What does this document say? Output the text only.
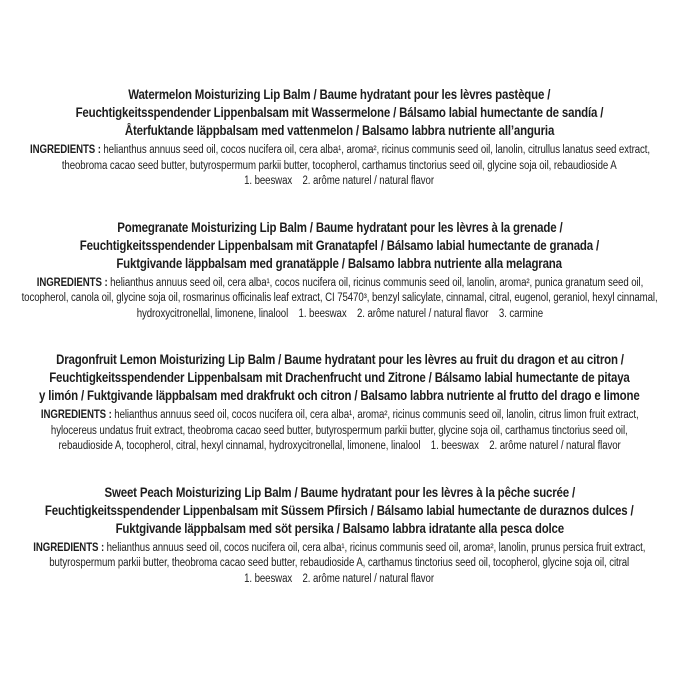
Watermelon Moisturizing Lip Balm / Baume hydratant pour les lèvres pastèque /
Feuchtigkeitsspendender Lippenbalsam mit Wassermelone / Bálsamo labial humectante de sandía /
Återfuktande läppbalsam med vattenmelon / Balsamo labbra nutriente all’anguria
INGREDIENTS : helianthus annuus seed oil, cocos nucifera oil, cera alba¹, aroma², ricinus communis seed oil, lanolin, citrullus lanatus seed extract,
theobroma cacao seed butter, butyrospermum parkii butter, tocopherol, carthamus tinctorius seed oil, glycine soja oil, rebaudioside A
1. beeswax    2. arôme naturel / natural flavor
Pomegranate Moisturizing Lip Balm / Baume hydratant pour les lèvres à la grenade /
Feuchtigkeitsspendender Lippenbalsam mit Granatapfel / Bálsamo labial humectante de granada /
Fuktgivande läppbalsam med granatäpple / Balsamo labbra nutriente alla melagrana
INGREDIENTS : helianthus annuus seed oil, cera alba¹, cocos nucifera oil, ricinus communis seed oil, lanolin, aroma², punica granatum seed oil,
tocopherol, canola oil, glycine soja oil, rosmarinus officinalis leaf extract, CI 75470³, benzyl salicylate, cinnamal, citral, eugenol, geraniol, hexyl cinnamal,
hydroxycitronellal, limonene, linalool    1. beeswax    2. arôme naturel / natural flavor    3. carmine
Dragonfruit Lemon Moisturizing Lip Balm / Baume hydratant pour les lèvres au fruit du dragon et au citron /
Feuchtigkeitsspendender Lippenbalsam mit Drachenfrucht und Zitrone / Bálsamo labial humectante de pitaya
y limón / Fuktgivande läppbalsam med drakfrukt och citron / Balsamo labbra nutriente al frutto del drago e limone
INGREDIENTS : helianthus annuus seed oil, cocos nucifera oil, cera alba¹, aroma², ricinus communis seed oil, lanolin, citrus limon fruit extract,
hylocereus undatus fruit extract, theobroma cacao seed butter, butyrospermum parkii butter, glycine soja oil, carthamus tinctorius seed oil,
rebaudioside A, tocopherol, citral, hexyl cinnamal, hydroxycitronellal, limonene, linalool    1. beeswax    2. arôme naturel / natural flavor
Sweet Peach Moisturizing Lip Balm / Baume hydratant pour les lèvres à la pêche sucrée /
Feuchtigkeitsspendender Lippenbalsam mit Süssem Pfirsich / Bálsamo labial humectante de duraznos dulces /
Fuktgivande läppbalsam med söt persika / Balsamo labbra idratante alla pesca dolce
INGREDIENTS : helianthus annuus seed oil, cocos nucifera oil, cera alba¹, ricinus communis seed oil, aroma², lanolin, prunus persica fruit extract,
butyrospermum parkii butter, theobroma cacao seed butter, rebaudioside A, carthamus tinctorius seed oil, tocopherol, glycine soja oil, citral
1. beeswax    2. arôme naturel / natural flavor
